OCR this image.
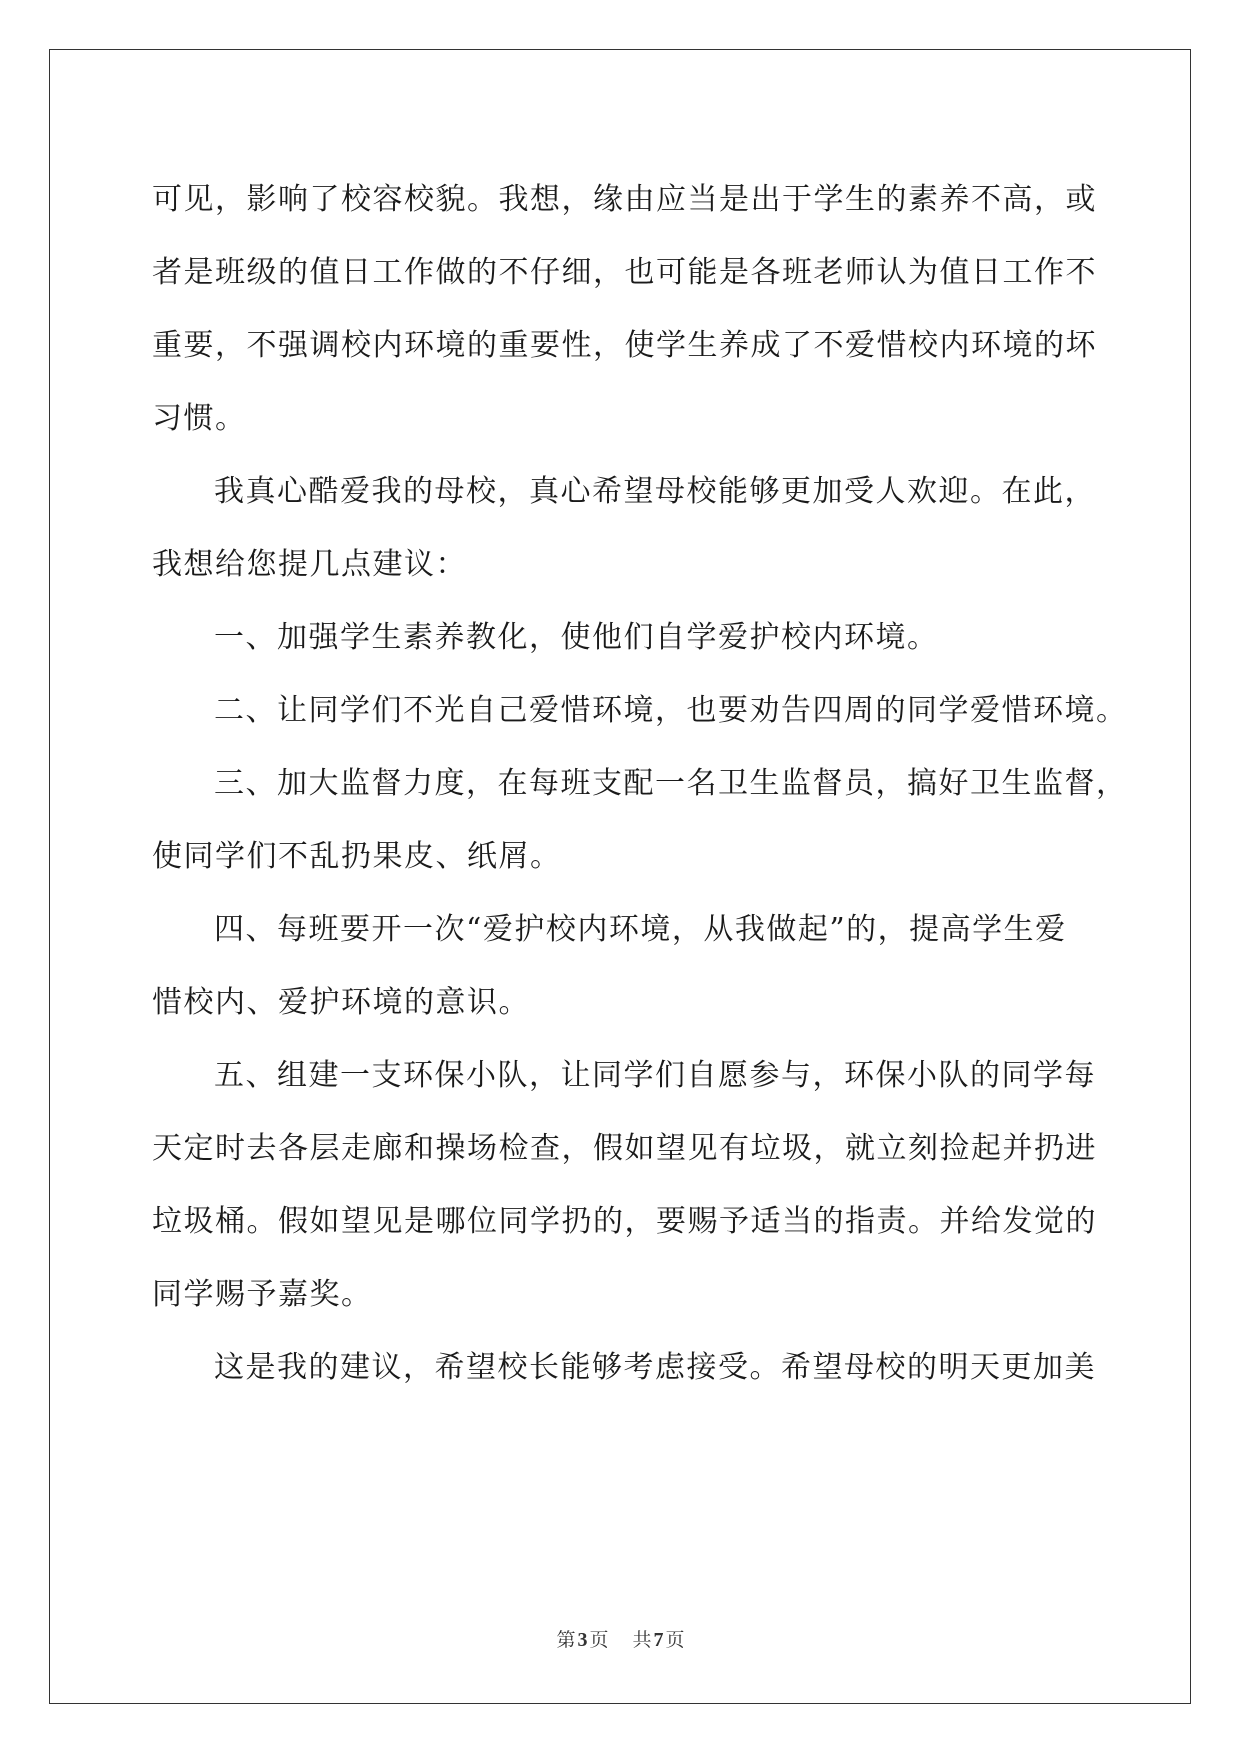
可见，影响了校容校貌。我想，缘由应当是出于学生的素养不高，或
者是班级的值日工作做的不仔细，也可能是各班老师认为值日工作不
重要，不强调校内环境的重要性，使学生养成了不爱惜校内环境的坏
习惯。
我真心酷爱我的母校，真心希望母校能够更加受人欢迎。在此，
我想给您提几点建议：
一、加强学生素养教化，使他们自学爱护校内环境。
二、让同学们不光自己爱惜环境，也要劝告四周的同学爱惜环境。
三、加大监督力度，在每班支配一名卫生监督员，搞好卫生监督，
使同学们不乱扔果皮、纸屑。
四、每班要开一次“爱护校内环境，从我做起”的，提高学生爱
惜校内、爱护环境的意识。
五、组建一支环保小队，让同学们自愿参与，环保小队的同学每
天定时去各层走廊和操场检查，假如望见有垃圾，就立刻捡起并扔进
垃圾桶。假如望见是哪位同学扔的，要赐予适当的指责。并给发觉的
同学赐予嘉奖。
这是我的建议，希望校长能够考虑接受。希望母校的明天更加美
第 3 页 共 7 页
